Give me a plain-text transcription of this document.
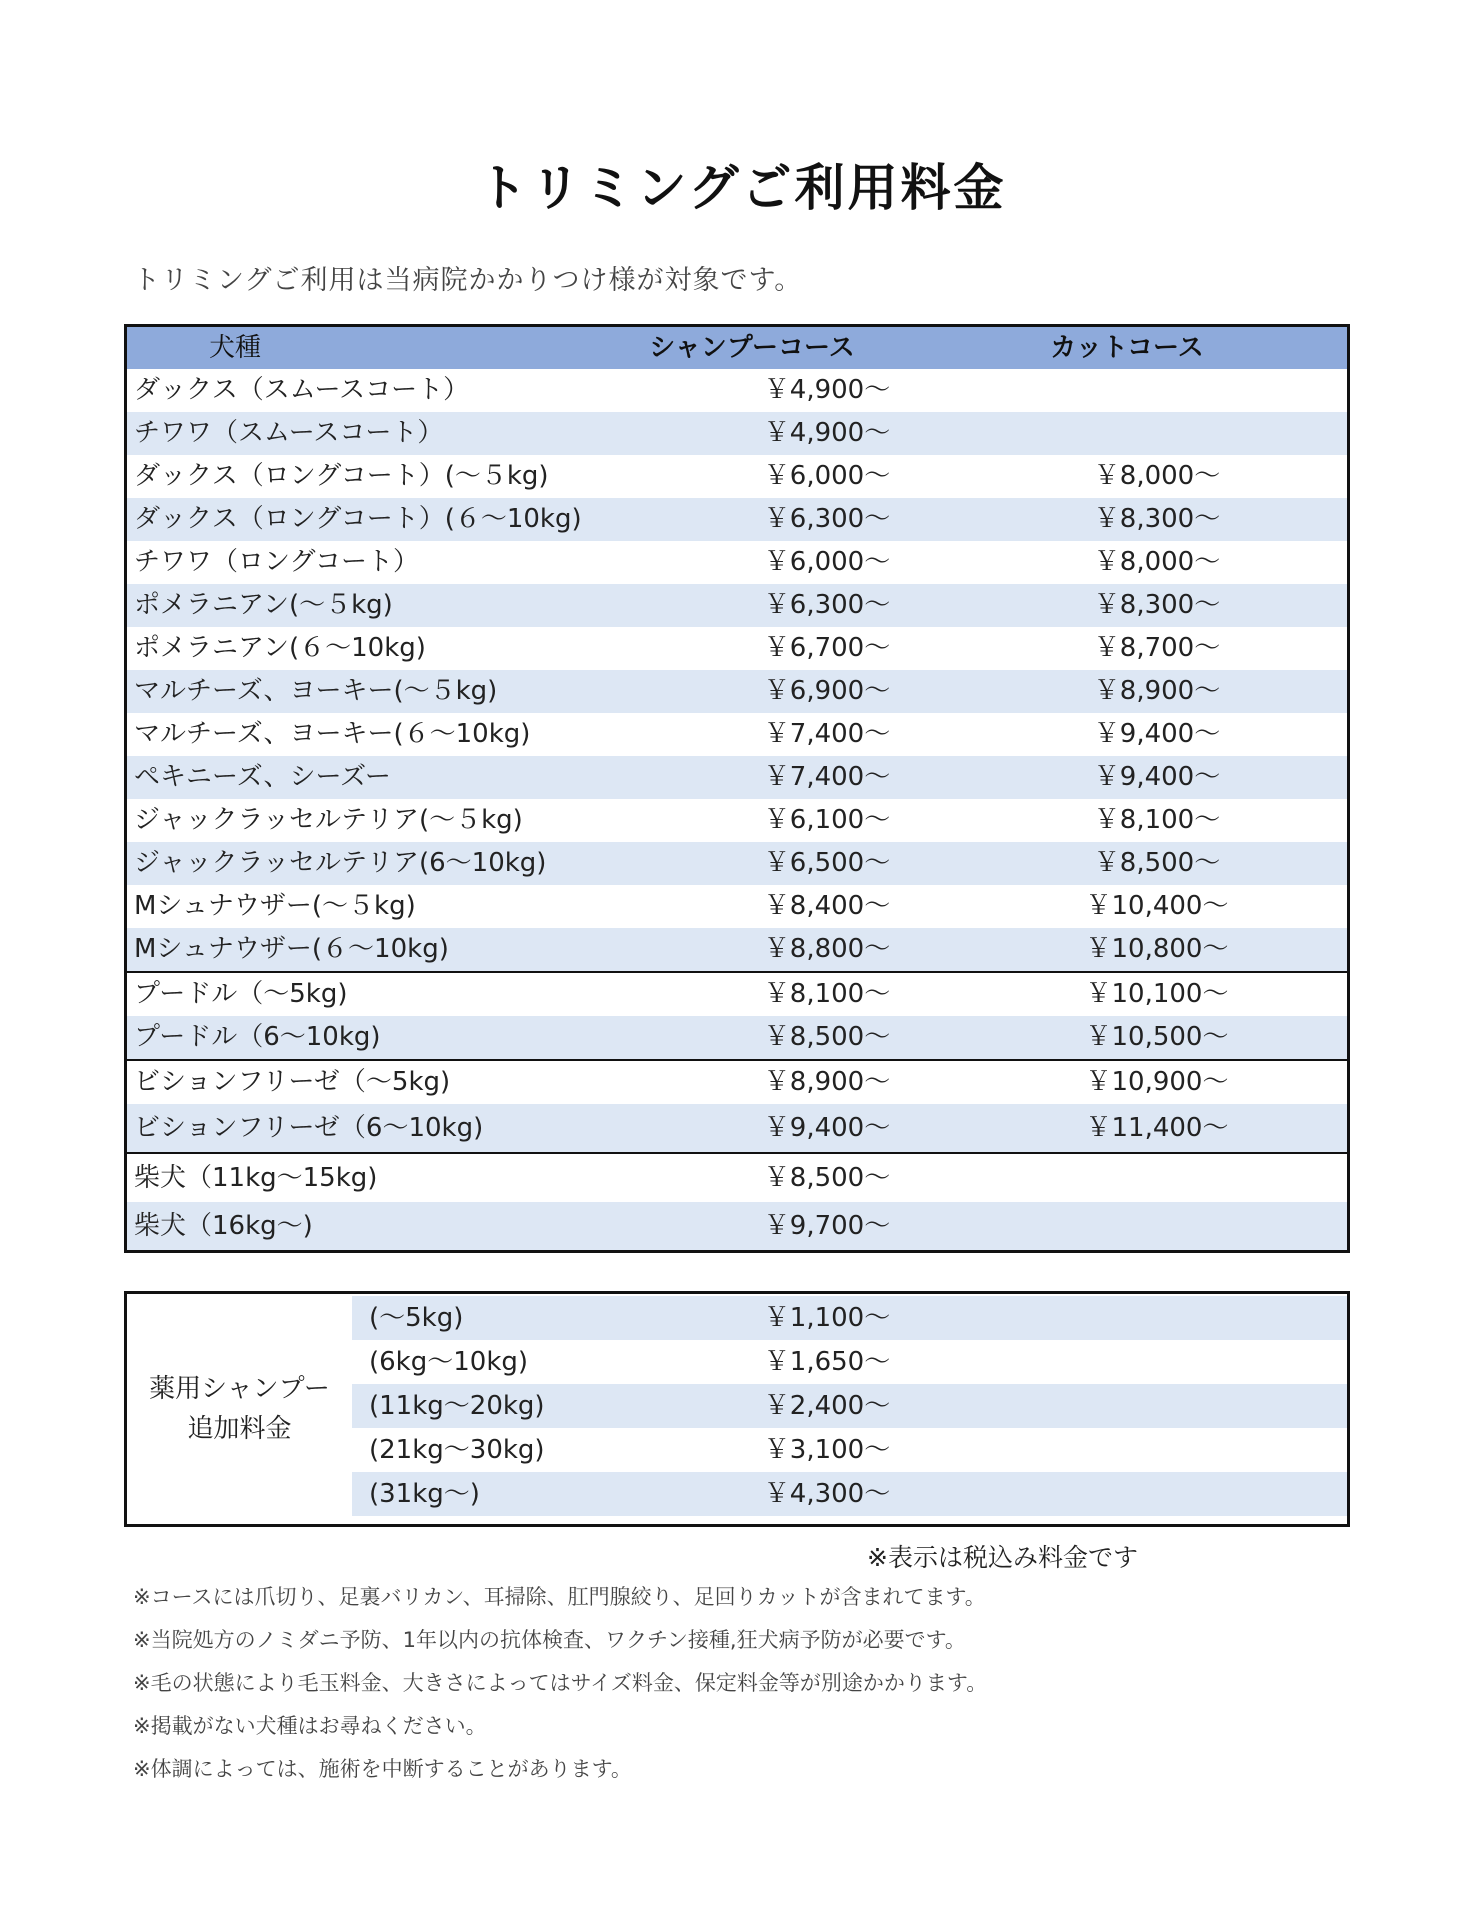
トリミングご利用料金
トリミングご利用は当病院かかりつけ様が対象です。
犬種	シャンプーコース	カットコース
ダックス（スムースコート）	￥4,900～
チワワ（スムースコート）	￥4,900～
ダックス（ロングコート）(～５kg)	￥6,000～	￥8,000～
ダックス（ロングコート）(６～10kg)	￥6,300～	￥8,300～
チワワ（ロングコート）	￥6,000～	￥8,000～
ポメラニアン(～５kg)	￥6,300～	￥8,300～
ポメラニアン(６～10kg)	￥6,700～	￥8,700～
マルチーズ、ヨーキー(～５kg)	￥6,900～	￥8,900～
マルチーズ、ヨーキー(６～10kg)	￥7,400～	￥9,400～
ペキニーズ、シーズー	￥7,400～	￥9,400～
ジャックラッセルテリア(～５kg)	￥6,100～	￥8,100～
ジャックラッセルテリア(6～10kg)	￥6,500～	￥8,500～
Mシュナウザー(～５kg)	￥8,400～	￥10,400～
Mシュナウザー(６～10kg)	￥8,800～	￥10,800～
プードル（～5kg)	￥8,100～	￥10,100～
プードル（6～10kg)	￥8,500～	￥10,500～
ビションフリーゼ（～5kg)	￥8,900～	￥10,900～
ビションフリーゼ（6～10kg)	￥9,400～	￥11,400～
柴犬（11kg～15kg)	￥8,500～
柴犬（16kg～)	￥9,700～
薬用シャンプー
追加料金
(～5kg)	￥1,100～
(6kg～10kg)	￥1,650～
(11kg～20kg)	￥2,400～
(21kg～30kg)	￥3,100～
(31kg～)	￥4,300～
※表示は税込み料金です
※コースには爪切り、足裏バリカン、耳掃除、肛門腺絞り、足回りカットが含まれてます。
※当院処方のノミダニ予防、1年以内の抗体検査、ワクチン接種,狂犬病予防が必要です。
※毛の状態により毛玉料金、大きさによってはサイズ料金、保定料金等が別途かかります。
※掲載がない犬種はお尋ねください。
※体調によっては、施術を中断することがあります。
